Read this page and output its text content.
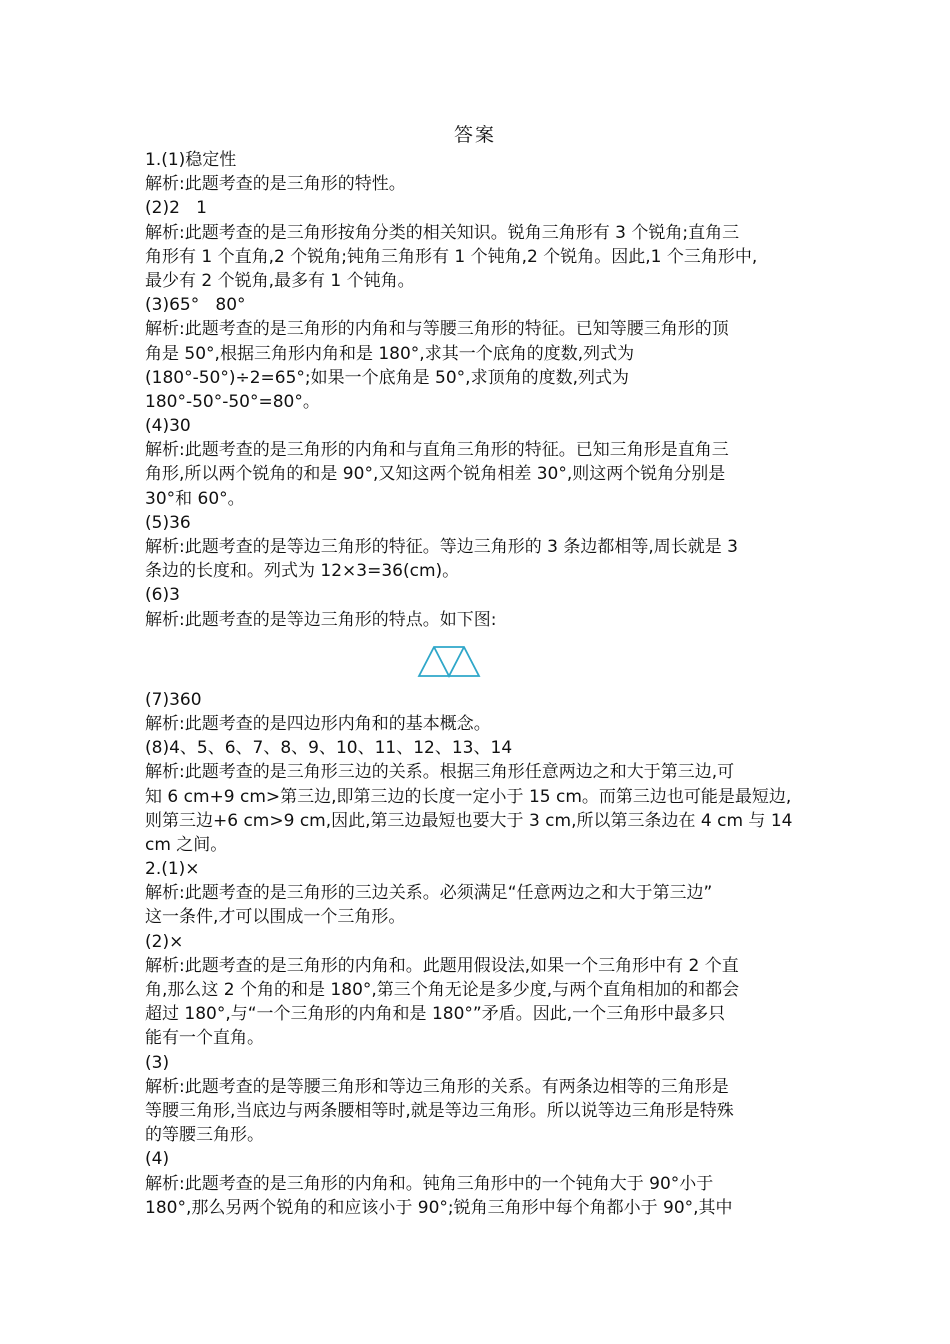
答案
1.(1)稳定性
解析:此题考查的是三角形的特性。
(2)2   1
解析:此题考查的是三角形按角分类的相关知识。锐角三角形有 3 个锐角;直角三
角形有 1 个直角,2 个锐角;钝角三角形有 1 个钝角,2 个锐角。因此,1 个三角形中,
最少有 2 个锐角,最多有 1 个钝角。
(3)65°   80°
解析:此题考查的是三角形的内角和与等腰三角形的特征。已知等腰三角形的顶
角是 50°,根据三角形内角和是 180°,求其一个底角的度数,列式为
(180°-50°)÷2=65°;如果一个底角是 50°,求顶角的度数,列式为
180°-50°-50°=80°。
(4)30
解析:此题考查的是三角形的内角和与直角三角形的特征。已知三角形是直角三
角形,所以两个锐角的和是 90°,又知这两个锐角相差 30°,则这两个锐角分别是
30°和 60°。
(5)36
解析:此题考查的是等边三角形的特征。等边三角形的 3 条边都相等,周长就是 3
条边的长度和。列式为 12×3=36(cm)。
(6)3
解析:此题考查的是等边三角形的特点。如下图:
(7)360
解析:此题考查的是四边形内角和的基本概念。
(8)4、5、6、7、8、9、10、11、12、13、14
解析:此题考查的是三角形三边的关系。根据三角形任意两边之和大于第三边,可
知 6 cm+9 cm>第三边,即第三边的长度一定小于 15 cm。而第三边也可能是最短边,
则第三边+6 cm>9 cm,因此,第三边最短也要大于 3 cm,所以第三条边在 4 cm 与 14
cm 之间。
2.(1)×
解析:此题考查的是三角形的三边关系。必须满足“任意两边之和大于第三边”
这一条件,才可以围成一个三角形。
(2)×
解析:此题考查的是三角形的内角和。此题用假设法,如果一个三角形中有 2 个直
角,那么这 2 个角的和是 180°,第三个角无论是多少度,与两个直角相加的和都会
超过 180°,与“一个三角形的内角和是 180°”矛盾。因此,一个三角形中最多只
能有一个直角。
(3)
解析:此题考查的是等腰三角形和等边三角形的关系。有两条边相等的三角形是
等腰三角形,当底边与两条腰相等时,就是等边三角形。所以说等边三角形是特殊
的等腰三角形。
(4)
解析:此题考查的是三角形的内角和。钝角三角形中的一个钝角大于 90°小于
180°,那么另两个锐角的和应该小于 90°;锐角三角形中每个角都小于 90°,其中
